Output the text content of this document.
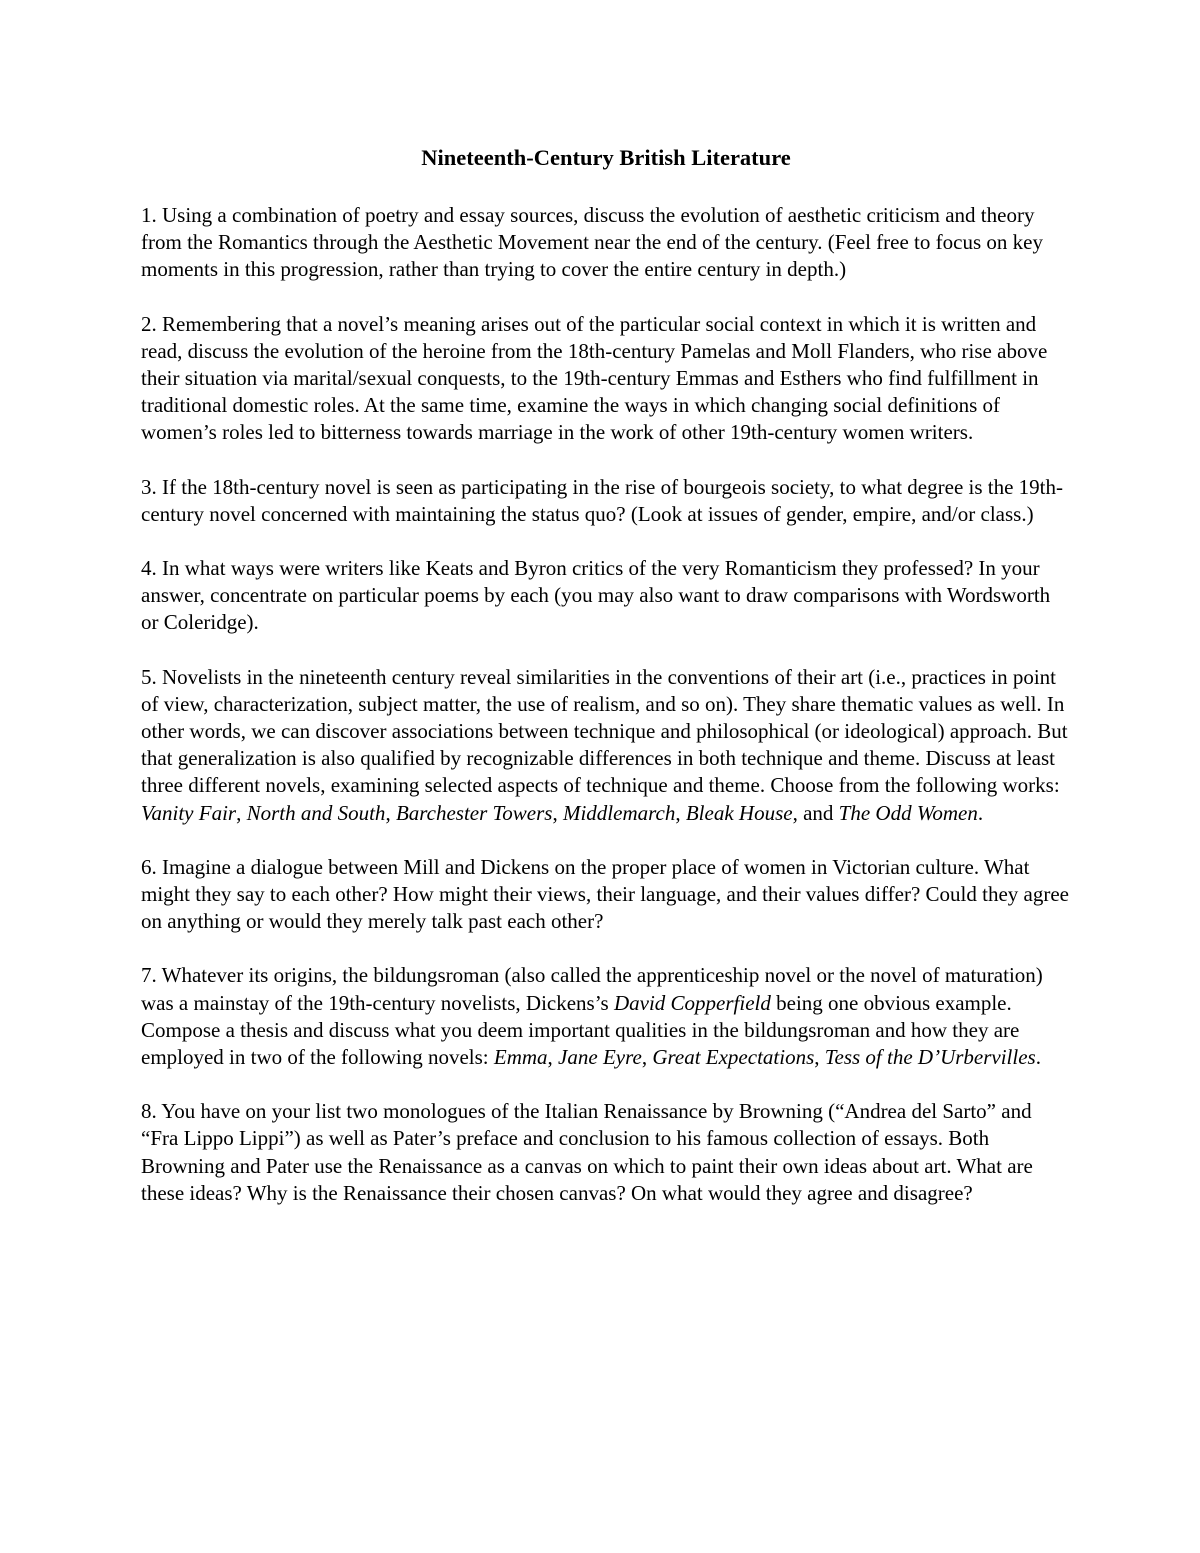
Nineteenth-Century British Literature
1. Using a combination of poetry and essay sources, discuss the evolution of aesthetic criticism and theory from the Romantics through the Aesthetic Movement near the end of the century. (Feel free to focus on key moments in this progression, rather than trying to cover the entire century in depth.)
2. Remembering that a novel’s meaning arises out of the particular social context in which it is written and read, discuss the evolution of the heroine from the 18th-century Pamelas and Moll Flanders, who rise above their situation via marital/sexual conquests, to the 19th-century Emmas and Esthers who find fulfillment in traditional domestic roles. At the same time, examine the ways in which changing social definitions of women’s roles led to bitterness towards marriage in the work of other 19th-century women writers.
3. If the 18th-century novel is seen as participating in the rise of bourgeois society, to what degree is the 19th-century novel concerned with maintaining the status quo? (Look at issues of gender, empire, and/or class.)
4. In what ways were writers like Keats and Byron critics of the very Romanticism they professed? In your answer, concentrate on particular poems by each (you may also want to draw comparisons with Wordsworth or Coleridge).
5. Novelists in the nineteenth century reveal similarities in the conventions of their art (i.e., practices in point of view, characterization, subject matter, the use of realism, and so on). They share thematic values as well. In other words, we can discover associations between technique and philosophical (or ideological) approach. But that generalization is also qualified by recognizable differences in both technique and theme. Discuss at least three different novels, examining selected aspects of technique and theme. Choose from the following works: Vanity Fair, North and South, Barchester Towers, Middlemarch, Bleak House, and The Odd Women.
6. Imagine a dialogue between Mill and Dickens on the proper place of women in Victorian culture. What might they say to each other? How might their views, their language, and their values differ? Could they agree on anything or would they merely talk past each other?
7. Whatever its origins, the bildungsroman (also called the apprenticeship novel or the novel of maturation) was a mainstay of the 19th-century novelists, Dickens’s David Copperfield being one obvious example. Compose a thesis and discuss what you deem important qualities in the bildungsroman and how they are employed in two of the following novels: Emma, Jane Eyre, Great Expectations, Tess of the D’Urbervilles.
8. You have on your list two monologues of the Italian Renaissance by Browning (“Andrea del Sarto” and “Fra Lippo Lippi”) as well as Pater’s preface and conclusion to his famous collection of essays. Both Browning and Pater use the Renaissance as a canvas on which to paint their own ideas about art. What are these ideas? Why is the Renaissance their chosen canvas? On what would they agree and disagree?
